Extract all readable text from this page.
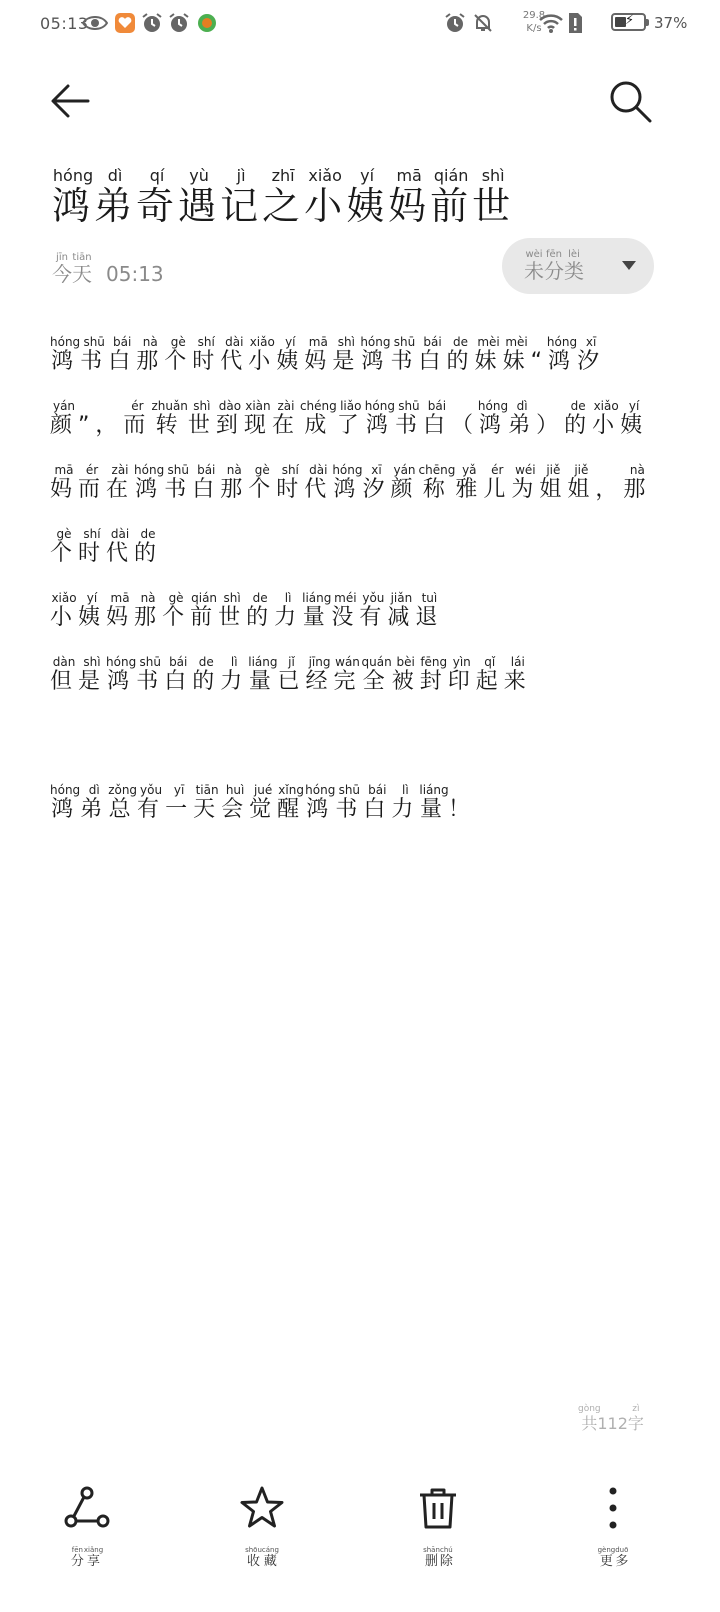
05:13	29.8
K/s
⚡ 37%
鸿hóng弟dì奇qí遇yù记jì之zhī小xiǎo姨yí妈mā前qián世shì
今jīn天tiān05:13	未wèi分fēn类lèi

鸿hóng书shū白bái那nà个gè时shí代dài小xiǎo姨yí妈mā是shì鸿hóng书shū白bái的de妹mèi妹mèi“鸿hóng汐xī颜yán”，而ér转zhuǎn世shì到dào现xiàn在zài成chéng了liǎo鸿hóng书shū白bái（鸿hóng弟dì）的de小xiǎo姨yí妈mā而ér在zài鸿hóng书shū白bái那nà个gè时shí代dài鸿hóng汐xī颜yán称chēng雅yǎ儿ér为wéi姐jiě姐jiě，那nà个gè时shí代dài的de

小xiǎo姨yí妈mā那nà个gè前qián世shì的de力lì量liáng没méi有yǒu减jiǎn退tuì

但dàn是shì鸿hóng书shū白bái的de力lì量liáng已jǐ经jīng完wán全quán被bèi封fēng印yìn起qǐ来lái

鸿hóng弟dì总zǒng有yǒu一yī天tiān会huì觉jué醒xǐng鸿hóng书shū白bái力lì量liáng！

共gòng112字zì
分fēn享xiǎng
收shōu藏cáng
删shān除chú
更gèng多duō
